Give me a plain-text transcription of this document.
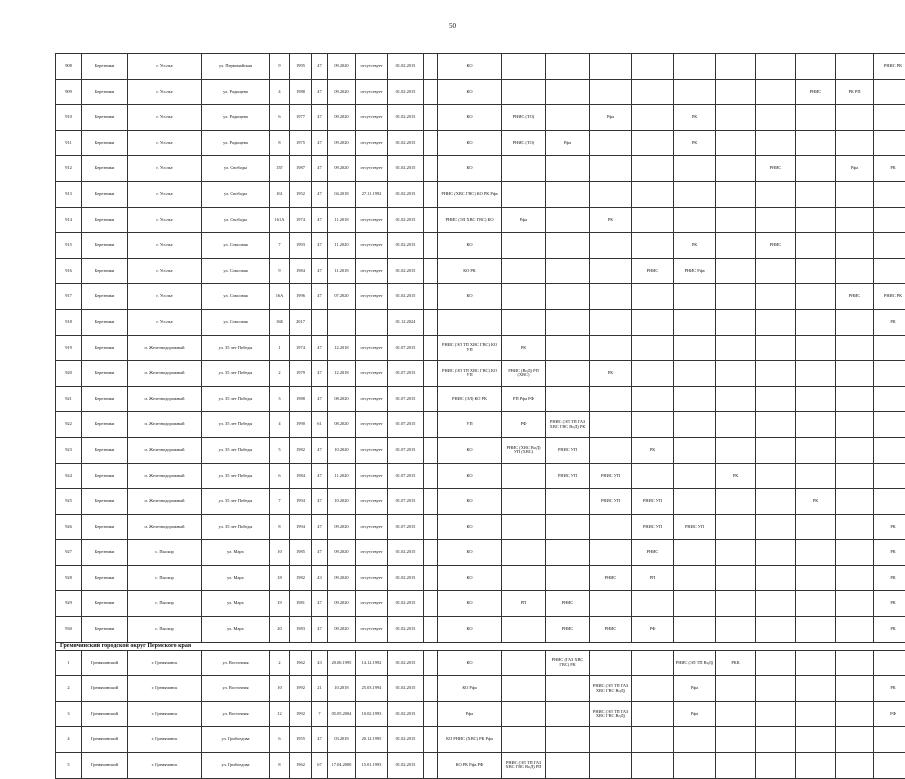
50
908	Березники	г. Усолье	ул. Первомайская	9	1995	47	09.2020	отсутствует	01.02.2015		КО										РНИС РК
909	Березники	г. Усолье	ул. Радищева	4	1988	47	09.2020	отсутствует	01.02.2015		КО								РНИС	РК РП	
910	Березники	г. Усолье	ул. Радищева	6	1977	47	09.2020	отсутствует	01.02.2015		КО	РНИС (ТО)		Рфа		РК					
911	Березники	г. Усолье	ул. Радищева	8	1975	47	09.2020	отсутствует	01.02.2015		КО	РНИС (ТО)	Рфа			РК					
912	Березники	г. Усолье	ул. Свободы	15Г	1987	47	09.2020	отсутствует	01.02.2015		КО							РНИС		Рфа	РК
913	Березники	г. Усолье	ул. Свободы	161	1952	47	04.2018	27.11.1992	01.02.2015		РНИС (ХВС ГВС) КО РК Рфа										
914	Березники	г. Усолье	ул. Свободы	161А	1974	47	11.2018	отсутствует	01.02.2015		РНИС (ЭЛ ХВС ГВС) КО	Рфа		РК							
915	Березники	г. Усолье	ул. Сомсовая	7	1993	47	11.2020	отсутствует	01.02.2015		КО					РК		РНИС			
916	Березники	г. Усолье	ул. Сомсовая	9	1984	47	11.2018	отсутствует	01.02.2015		КО РК				РНИС	РНИС Рфа					
917	Березники	г. Усолье	ул. Сомсовая	16А	1996	47	07.2020	отсутствует	01.02.2015		КО									РНИС	РНИС РК
918	Березники	г. Усолье	ул. Сомсовая	16Б	2017				01.12.2024												РК
919	Березники	п. Железнодорожный	ул. 35 лет Победы	1	1974	47	12.2018	отсутствует	01.07.2015		РНИС (ЭЛ ТП ХВС ГВС) КО УП	РК									
920	Березники	п. Железнодорожный	ул. 35 лет Победы	2	1979	47	12.2018	отсутствует	01.07.2015		РНИС (ЭЛ ТП ХВС ГВС) КО УП	РНИС (ВоД) РП (ХВС)		РК							
921	Березники	п. Железнодорожный	ул. 35 лет Победы	3	1988	47	08.2020	отсутствует	01.07.2015		РНИС (ЭЛ) КО РК	РП Рфа РФ									
922	Березники	п. Железнодорожный	ул. 35 лет Победы	4	1990	61	08.2020	отсутствует	01.07.2015		УП	РФ	РНИС (ЭЛ ТП ГАЗ ХВС ГВС ВоД) РК								
923	Березники	п. Железнодорожный	ул. 35 лет Победы	5	1982	47	10.2020	отсутствует	01.07.2015		КО	РНИС (ХВС ВоД) УП (ХВС)	РНИС УП		РК						
924	Березники	п. Железнодорожный	ул. 35 лет Победы	6	1984	47	11.2020	отсутствует	01.07.2015		КО		РНИС УП	РНИС УП			РК				
925	Березники	п. Железнодорожный	ул. 35 лет Победы	7	1994	47	10.2020	отсутствует	01.07.2015		КО			РНИС УП	РНИС УП				РК		
926	Березники	п. Железнодорожный	ул. 35 лет Победы	8	1994	47	09.2020	отсутствует	01.07.2015		КО				РНИС УП	РНИС УП					РК
927	Березники	с. Пыскор	ул. Марх	10	1985	47	09.2020	отсутствует	01.02.2015		КО				РНИС						РК
928	Березники	с. Пыскор	ул. Марх	18	1982	43	09.2020	отсутствует	01.02.2015		КО			РНИС	РП						РК
929	Березники	с. Пыскор	ул. Марх	19	1981	47	09.2020	отсутствует	01.02.2015		КО	РП	РНИС								РК
930	Березники	с. Пыскор	ул. Марх	20	1983	47	09.2020	отсутствует	01.02.2015		КО		РНИС	РНИС	РФ						РК
Гремячинский городской округ Пермского края																					
1	Гремячинский	г. Гремячинск	ул. Восточная	2	1962	43	20.06.1995	14.12.1992	01.02.2015		КО		РНИС (ГАЗ ХВС ГВС) РК			РНИС (ЭЛ ТП ВоД)	РКК				
2	Гремячинский	г. Гремячинск	ул. Восточная	10	1992	21	10.2018	25.03.1994	01.02.2015		КО Рфа			РНИС (ЭЛ ТП ГАЗ ХВС ГВС ВоД)		Рфа					РК
3	Гремячинский	г. Гремячинск	ул. Восточная	12	1992	7	05.05.2004	10.02.1993	01.02.2015		Рфа			РНИС (ЭЛ ТП ГАЗ ХВС ГВС ВоД)		Рфа					РФ
4	Гремячинский	г. Гремячинск	ул. Грибоедова	6	1955	47	03.2018	20.12.1995	01.02.2015		КО РНИС (ХВС) РК Рфа										
5	Гремячинский	г. Гремячинск	ул. Грибоедова	8	1962	67	17.04.2000	15.01.1993	01.02.2015		КО РК Рфа РФ	РНИС (ЭЛ ТП ГАЗ ХВС ГВС ВоД) РП									
